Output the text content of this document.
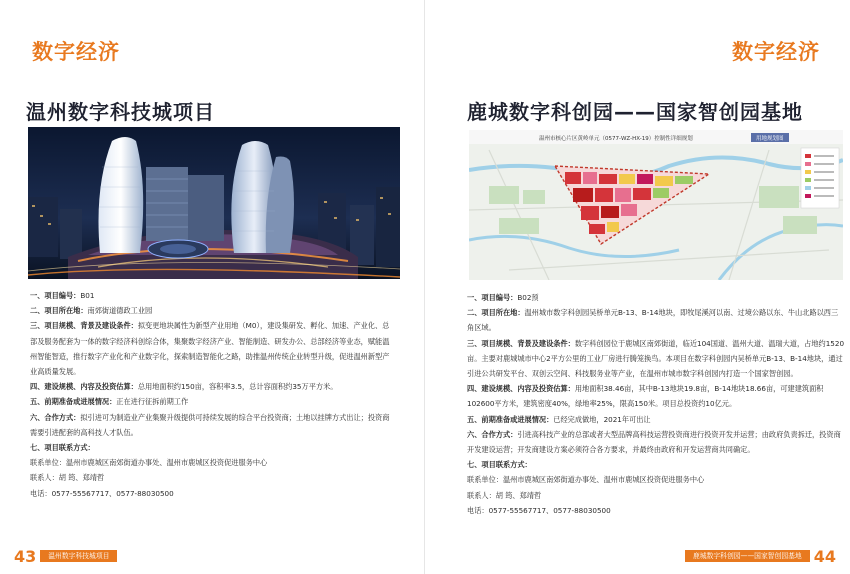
数字经济
温州数字科技城项目

一、项目编号：B01

二、项目所在地：南郊街道德政工业园

三、项目规模、背景及建设条件：拟变更地块属性为新型产业用地（M0），建设集研发、孵化、加速、产业化、总部及服务配套为一体的数字经济科创综合体，集聚数字经济产业、智能制造、研发办公、总部经济等业态，赋能温州智能智造，推行数字产业化和产业数字化，探索制造智能化之路，助推温州传统企业转型升级，促进温州新型产业高质量发展。

四、建设规模、内容及投资估算：总用地面积约150亩，容积率3.5，总计容面积约35万平方米。

五、前期准备或进展情况：正在进行征拆前期工作

六、合作方式：拟引进可为制造业产业集聚升级提供可持续发展的综合平台投资商；土地以挂牌方式出让；投资商需要引进配套的高科技人才队伍。

七、项目联系方式：

联系单位：温州市鹿城区南郊街道办事处、温州市鹿城区投资促进服务中心

联系人：胡 筠、郑靖哲

电话：0577-55567717、0577-88030500

43	温州数字科技城项目
数字经济
鹿城数字科创园——国家智创园基地
温州市核心片区黄岭单元（0577-WZ-HX-19）控制性详细规划	用地规划图

一、项目编号：B02预

二、项目所在地：温州城市数字科创园吴桥单元B-13、B-14地块，即牧尾溪河以南、过境公路以东、牛山北路以西三角区域。

三、项目规模、背景及建设条件：数字科创园位于鹿城区南郊街道，临近104国道、温州大道、温瑞大道，占地约1520亩。主要对鹿城城市中心2平方公里的工业厂房进行腾笼换鸟。本项目在数字科创园内吴桥单元B-13、B-14地块，通过引进公共研发平台、双创云空间、科技服务业等产业，在温州市城市数字科创园内打造一个国家智创园。

四、建设规模、内容及投资估算：用地面积38.46亩，其中B-13地块19.8亩，B-14地块18.66亩，可建建筑面积102600平方米，建筑密度40%，绿地率25%，限高150米。项目总投资约10亿元。

五、前期准备或进展情况：已经完成做地，2021年可出让

六、合作方式：引进高科技产业的总部或者大型品牌高科技运营投资商进行投资开发并运营；由政府负责拆迁，投资商开发建设运营；开发商建设方案必须符合各方要求，并最终由政府和开发运营商共同确定。

七、项目联系方式：

联系单位：温州市鹿城区南郊街道办事处、温州市鹿城区投资促进服务中心

联系人：胡 筠、郑靖哲

电话：0577-55567717、0577-88030500

鹿城数字科创园——国家智创园基地 44
